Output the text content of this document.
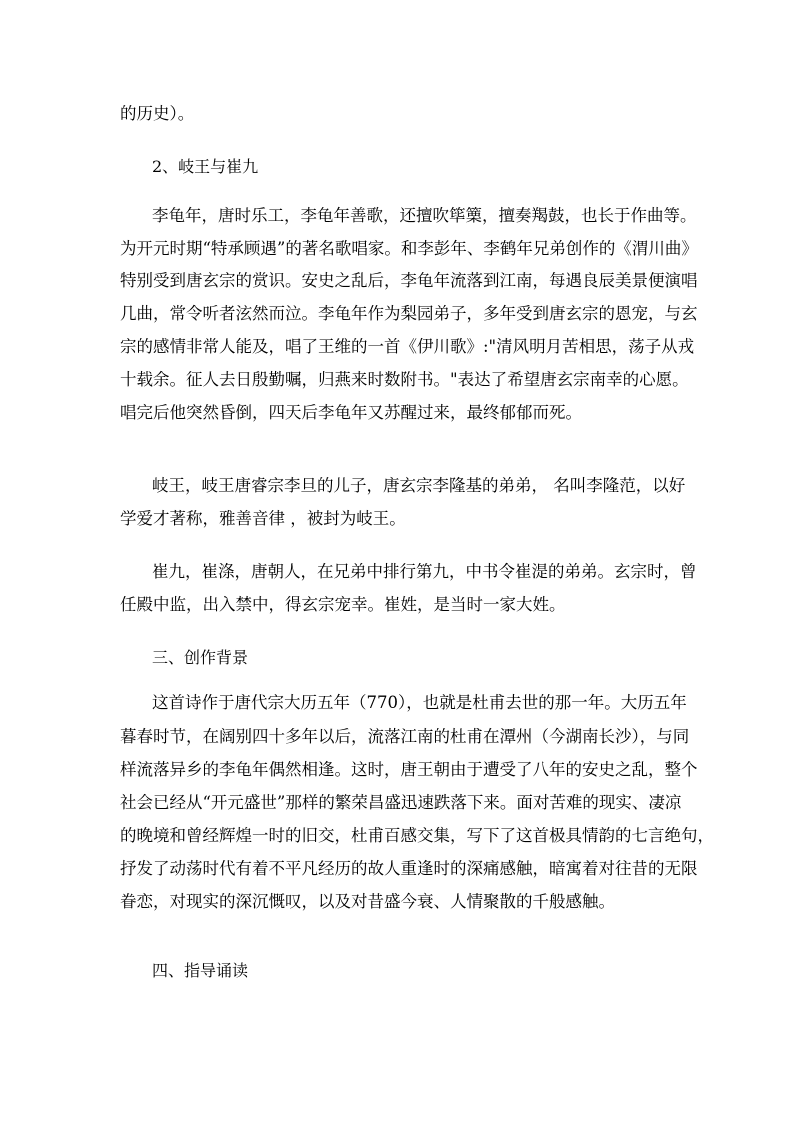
的历史）。
2、岐王与崔九
李龟年，唐时乐工，李龟年善歌，还擅吹筚篥，擅奏羯鼓，也长于作曲等。
为开元时期“特承顾遇”的著名歌唱家。和李彭年、李鹤年兄弟创作的《渭川曲》
特别受到唐玄宗的赏识。安史之乱后，李龟年流落到江南，每遇良辰美景便演唱
几曲，常令听者泫然而泣。李龟年作为梨园弟子，多年受到唐玄宗的恩宠，与玄
宗的感情非常人能及，唱了王维的一首《伊川歌》:"清风明月苦相思，荡子从戎
十载余。征人去日殷勤嘱，归燕来时数附书。"表达了希望唐玄宗南幸的心愿。
唱完后他突然昏倒，四天后李龟年又苏醒过来，最终郁郁而死。
岐王，岐王唐睿宗李旦的儿子，唐玄宗李隆基的弟弟， 名叫李隆范，以好
学爱才著称，雅善音律 ，被封为岐王。
崔九，崔涤，唐朝人，在兄弟中排行第九，中书令崔湜的弟弟。玄宗时，曾
任殿中监，出入禁中，得玄宗宠幸。崔姓，是当时一家大姓。
三、创作背景
这首诗作于唐代宗大历五年（770），也就是杜甫去世的那一年。大历五年
暮春时节，在阔别四十多年以后，流落江南的杜甫在潭州（今湖南长沙），与同
样流落异乡的李龟年偶然相逢。这时，唐王朝由于遭受了八年的安史之乱，整个
社会已经从“开元盛世”那样的繁荣昌盛迅速跌落下来。面对苦难的现实、凄凉
的晚境和曾经辉煌一时的旧交，杜甫百感交集，写下了这首极具情韵的七言绝句，
抒发了动荡时代有着不平凡经历的故人重逢时的深痛感触，暗寓着对往昔的无限
眷恋，对现实的深沉慨叹，以及对昔盛今衰、人情聚散的千般感触。
四、指导诵读
